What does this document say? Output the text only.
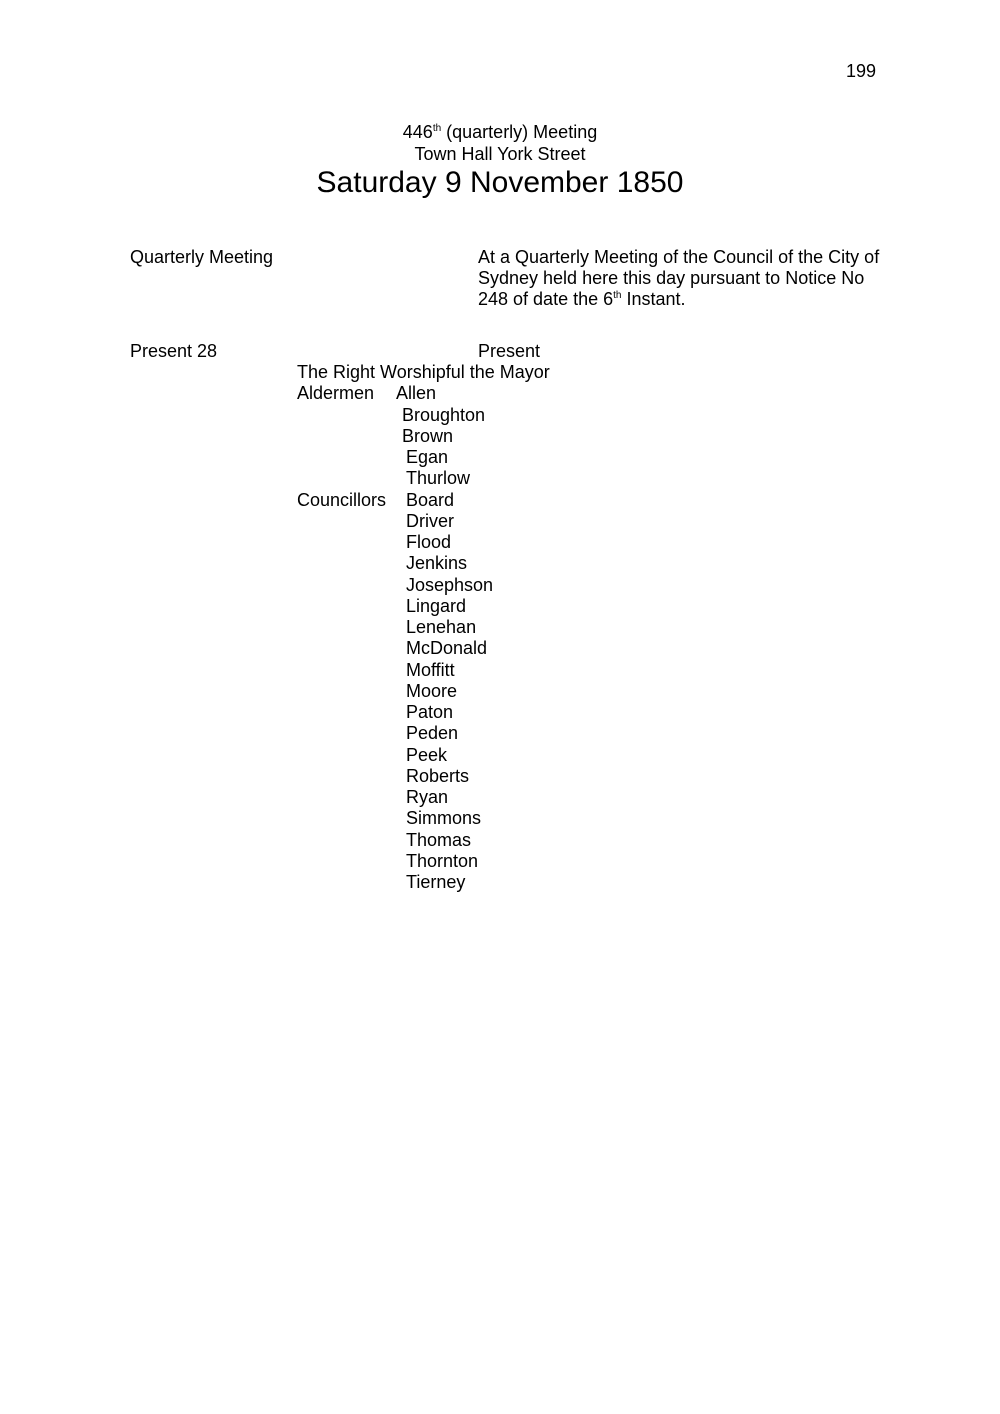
199
446th (quarterly) Meeting
Town Hall York Street
Saturday 9 November 1850
Quarterly Meeting	At a Quarterly Meeting of the Council of the City of
Sydney held here this day pursuant to Notice No
248 of date the 6th Instant.
Present 28	Present
The Right Worshipful the Mayor
Aldermen Allen
Broughton
Brown
Egan
Thurlow
Councillors Board
Driver
Flood
Jenkins
Josephson
Lingard
Lenehan
McDonald
Moffitt
Moore
Paton
Peden
Peek
Roberts
Ryan
Simmons
Thomas
Thornton
Tierney
